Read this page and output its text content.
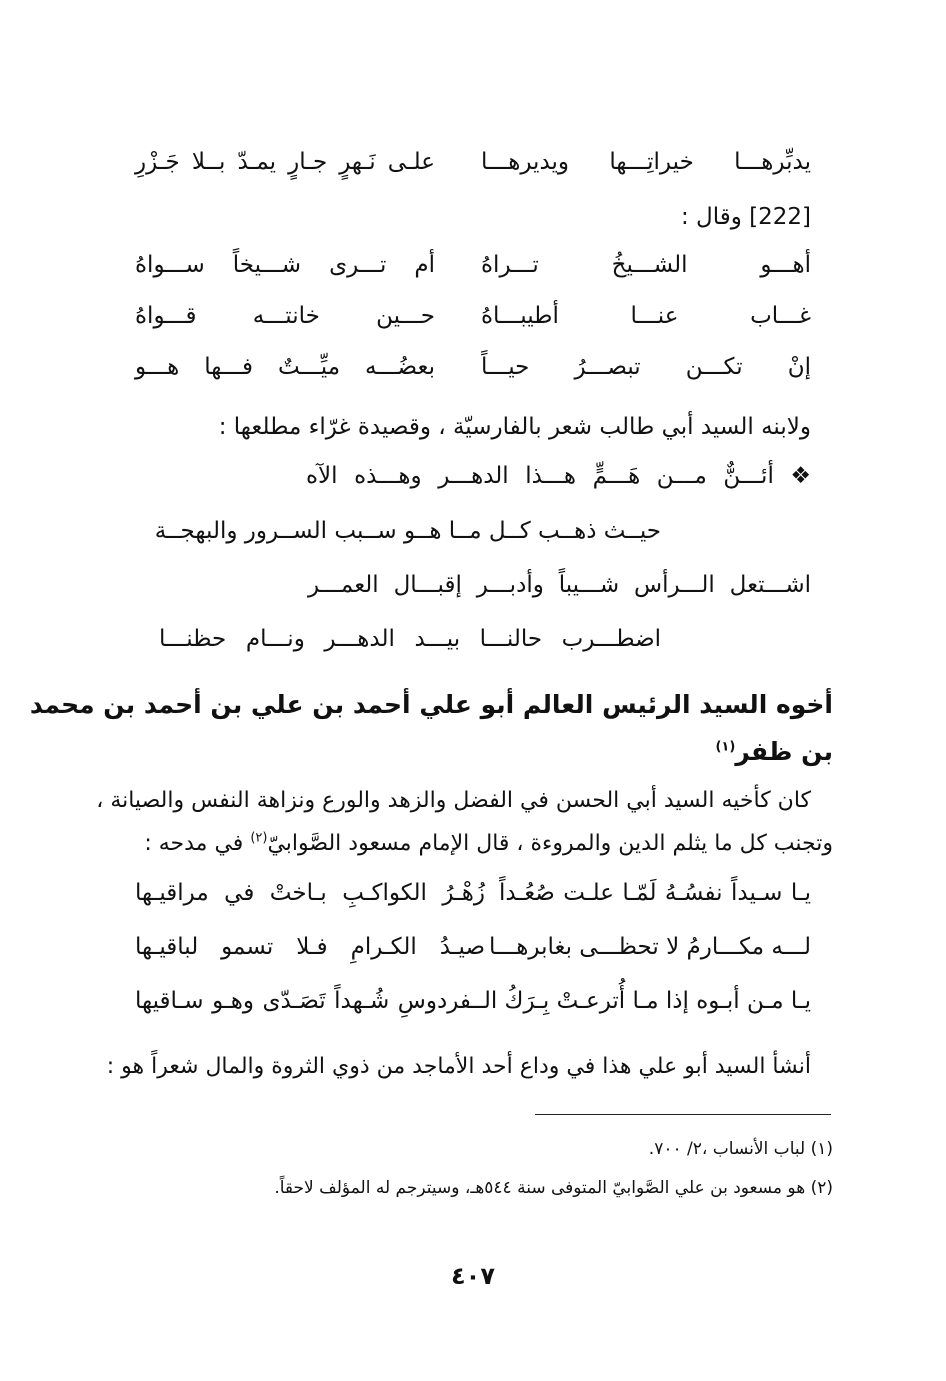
يدبِّرهـــا خيراتِـــها ويديرهـــا
علـى نَـهرٍ جـارٍ يمـدّ بــلا جَـزْرِ
[222] وقال :
أهـــو الشـــيخُ تـــراهُ
أم تـــرى شـــيخاً ســـواهُ
غـــاب عنـــا أطيبـــاهُ
حـــين خانتـــه قـــواهُ
إنْ تكـــن تبصـــرُ حيـــاً
بعضُـــه ميِّـــتٌ فـــها هـــو
ولابنه السيد أبي طالب شعر بالفارسيّة ، وقصيدة غرّاء مطلعها :
❖ أئـــنٌّ مـــن هَـــمٍّ هـــذا الدهـــر وهـــذه الآه
حيــث ذهــب كــل مــا هــو ســبب الســرور والبهجــة
اشـــتعل الـــرأس شـــيباً وأدبـــر إقبـــال العمـــر
اضطـــرب حالنـــا بيـــد الدهـــر ونـــام حظنـــا
أخوه السيد الرئيس العالم أبو علي أحمد بن علي بن أحمد بن محمد
بن ظفر$^{(١)}$
كان كأخيه السيد أبي الحسن في الفضل والزهد والورع ونزاهة النفس والصيانة ،
وتجنب كل ما يثلم الدين والمروءة ، قال الإمام مسعود الصَّوابيّ$^{(٢)}$ في مدحه :
يـا سـيداً نفسُـهُ لَمّـا علـت صُعُـداً
زُهْـرُ الكواكـبِ بـاختْ في مراقيـها
لـــه مكـــارمُ لا تحظـــى بغابرهـــا
صيـدُ الكـرامِ فـلا تسمو لباقيـها
يـا مـن أبـوه إذا مـا أُترعـتْ بِـرَكُ الــ
ــفردوسِ شُـهداً تَصَـدّى وهـو سـاقيها
أنشأ السيد أبو علي هذا في وداع أحد الأماجد من ذوي الثروة والمال شعراً هو :
(١) لباب الأنساب ،٢/ ٧٠٠.
(٢) هو مسعود بن علي الصَّوابيّ المتوفى سنة ٥٤٤هـ، وسيترجم له المؤلف لاحقاً.
٤٠٧
